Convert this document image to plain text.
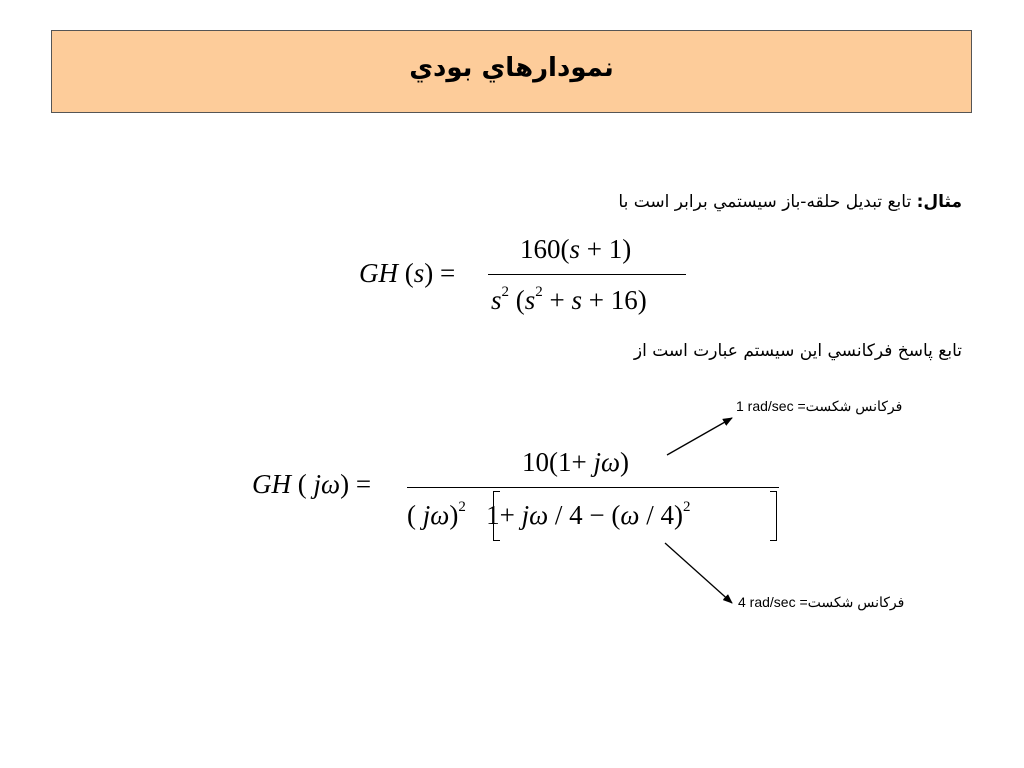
نمودارهاي بودي
مثال: تابع تبديل حلقه-باز سيستمي برابر است با
GH (s) =
160(s + 1)
$s^2$ $(s^2 + s + 16)$
تابع پاسخ فركانسي اين سيستم عبارت است از
GH ( jω) =
10(1+ jω)
( jω)$^2$   1+ jω / 4 − (ω / 4)$^2$
1 rad/sec =فركانس شكست
4 rad/sec =فركانس شكست
